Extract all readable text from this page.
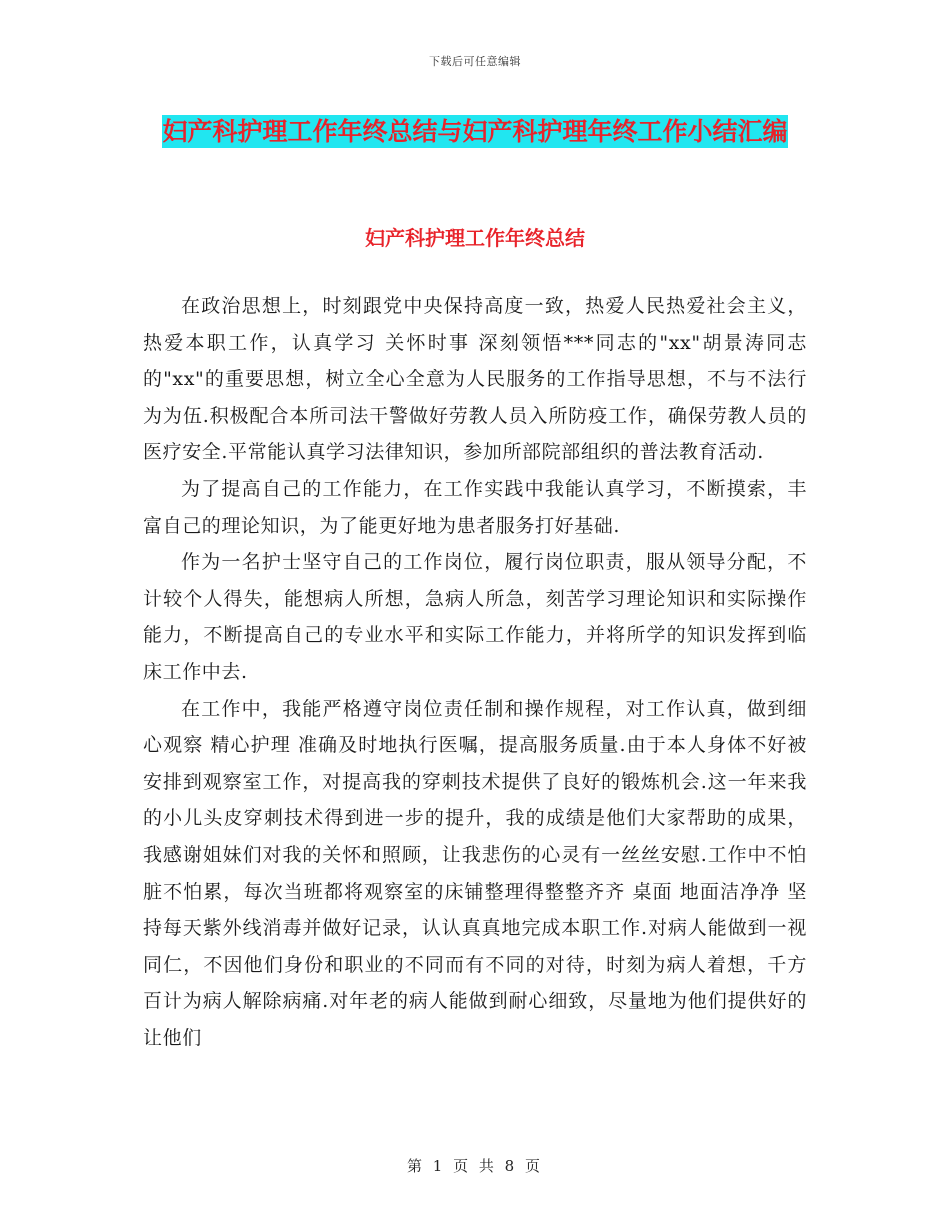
下载后可任意编辑
妇产科护理工作年终总结与妇产科护理年终工作小结汇编
妇产科护理工作年终总结

在政治思想上，时刻跟党中央保持高度一致，热爱人民热爱社会主义，热爱本职工作，认真学习 关怀时事 深刻领悟***同志的"xx"胡景涛同志的"xx"的重要思想，树立全心全意为人民服务的工作指导思想，不与不法行为为伍.积极配合本所司法干警做好劳教人员入所防疫工作，确保劳教人员的医疗安全.平常能认真学习法律知识，参加所部院部组织的普法教育活动.

为了提高自己的工作能力，在工作实践中我能认真学习，不断摸索，丰富自己的理论知识，为了能更好地为患者服务打好基础.

作为一名护士坚守自己的工作岗位，履行岗位职责，服从领导分配，不计较个人得失，能想病人所想，急病人所急，刻苦学习理论知识和实际操作能力，不断提高自己的专业水平和实际工作能力，并将所学的知识发挥到临床工作中去.

在工作中，我能严格遵守岗位责任制和操作规程，对工作认真，做到细心观察 精心护理 准确及时地执行医嘱，提高服务质量.由于本人身体不好被安排到观察室工作，对提高我的穿刺技术提供了良好的锻炼机会.这一年来我的小儿头皮穿刺技术得到进一步的提升，我的成绩是他们大家帮助的成果，我感谢姐妹们对我的关怀和照顾，让我悲伤的心灵有一丝丝安慰.工作中不怕脏不怕累，每次当班都将观察室的床铺整理得整整齐齐 桌面 地面洁净净 坚持每天紫外线消毒并做好记录，认认真真地完成本职工作.对病人能做到一视同仁，不因他们身份和职业的不同而有不同的对待，时刻为病人着想，千方百计为病人解除病痛.对年老的病人能做到耐心细致，尽量地为他们提供好的让他们

第 1 页 共 8 页
